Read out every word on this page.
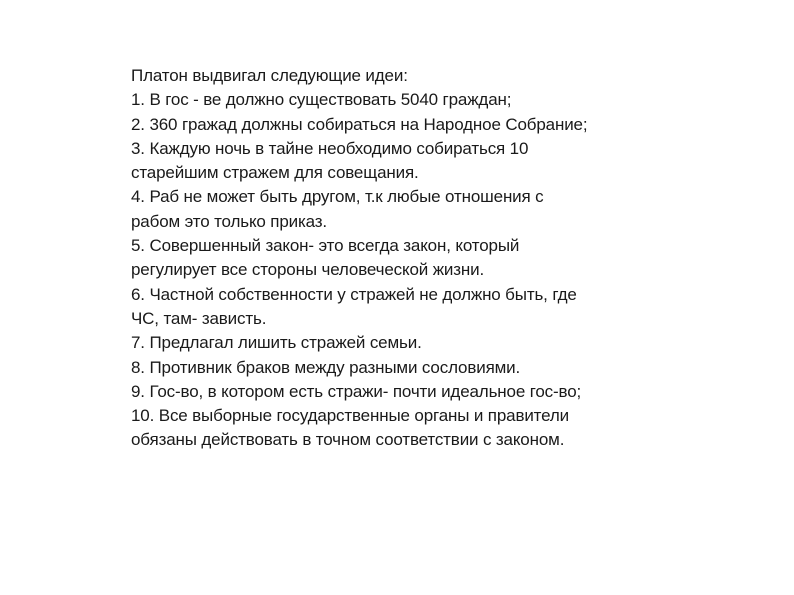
Платон выдвигал следующие идеи:
1. В гос - ве должно существовать 5040 граждан;
2. 360 гражад должны собираться на Народное Собрание;
3. Каждую ночь в тайне необходимо собираться 10
старейшим стражем для совещания.
4. Раб не может быть другом, т.к любые отношения с
рабом это только приказ.
5. Совершенный закон- это всегда закон, который
регулирует все стороны человеческой жизни.
6. Частной собственности у стражей не должно быть, где
ЧС, там- зависть.
7. Предлагал лишить стражей семьи.
8. Противник браков между разными сословиями.
9. Гос-во, в котором есть стражи- почти идеальное гос-во;
10. Все выборные государственные органы и правители
обязаны действовать в точном соответствии с законом.
